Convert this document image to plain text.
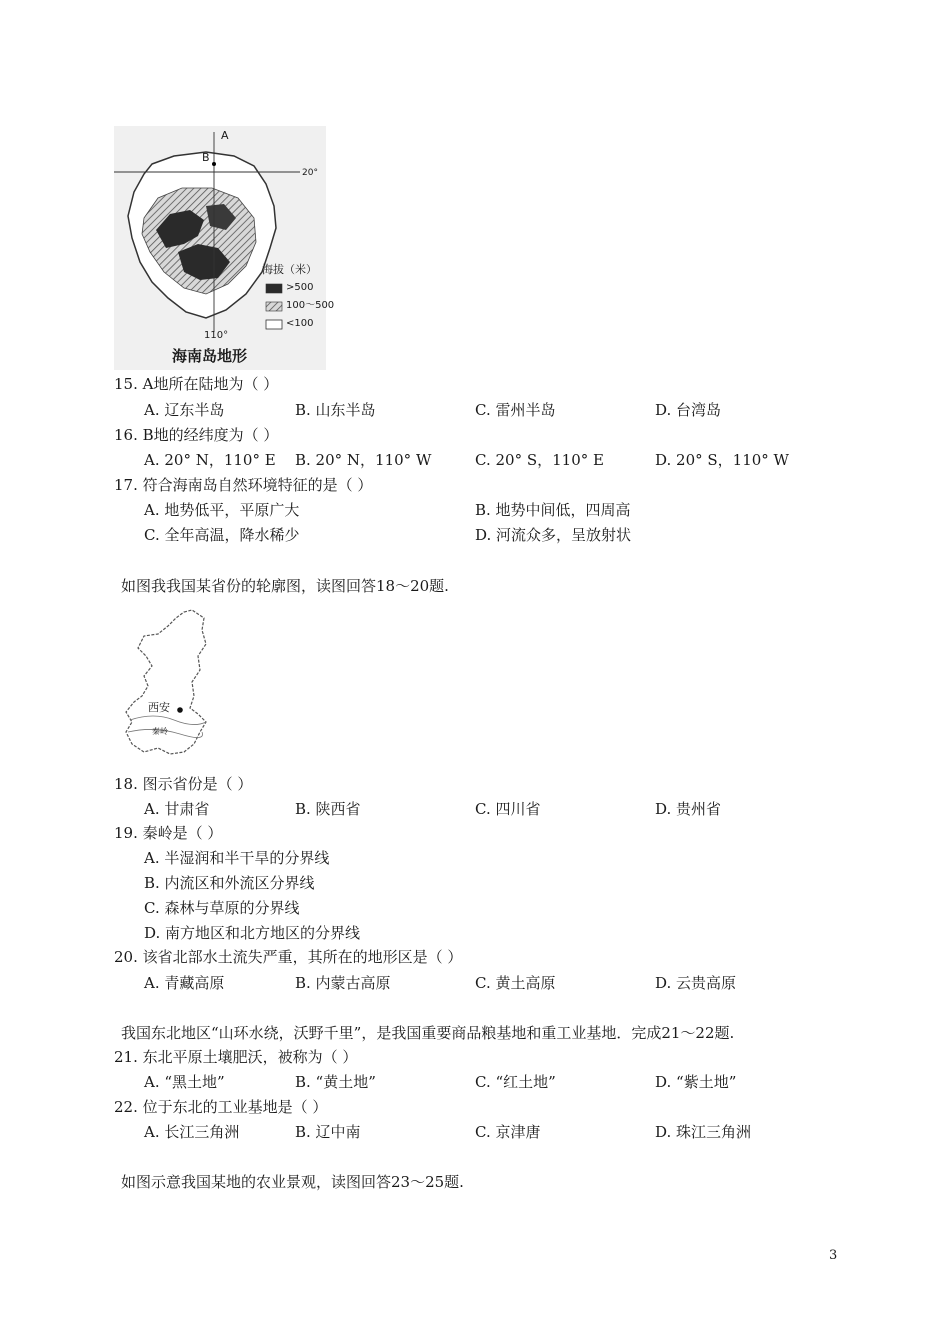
A
B
20°
110°
海拔（米）
>500
100～500
<100
海南岛地形
15. A地所在陆地为（ ）
A. 辽东半岛	B. 山东半岛	C. 雷州半岛	D. 台湾岛
16. B地的经纬度为（ ）
A. 20° N，110° E B. 20° N，110° W	C. 20° S，110° E	D. 20° S，110° W
17. 符合海南岛自然环境特征的是（ ）
A. 地势低平，平原广大	B. 地势中间低，四周高
C. 全年高温，降水稀少	D. 河流众多，呈放射状
如图我我国某省份的轮廓图，读图回答18～20题.
西安
秦岭
18. 图示省份是（ ）
A. 甘肃省	B. 陕西省	C. 四川省	D. 贵州省
19. 秦岭是（ ）
A. 半湿润和半干旱的分界线
B. 内流区和外流区分界线
C. 森林与草原的分界线
D. 南方地区和北方地区的分界线
20. 该省北部水土流失严重，其所在的地形区是（ ）
A. 青藏高原	B. 内蒙古高原	C. 黄土高原	D. 云贵高原
我国东北地区“山环水绕，沃野千里”，是我国重要商品粮基地和重工业基地．完成21～22题.
21. 东北平原土壤肥沃，被称为（ ）
A. “黑土地”	B. “黄土地”	C. “红土地”	D. “紫土地”
22. 位于东北的工业基地是（ ）
A. 长江三角洲	B. 辽中南	C. 京津唐	D. 珠江三角洲
如图示意我国某地的农业景观，读图回答23～25题.
3
